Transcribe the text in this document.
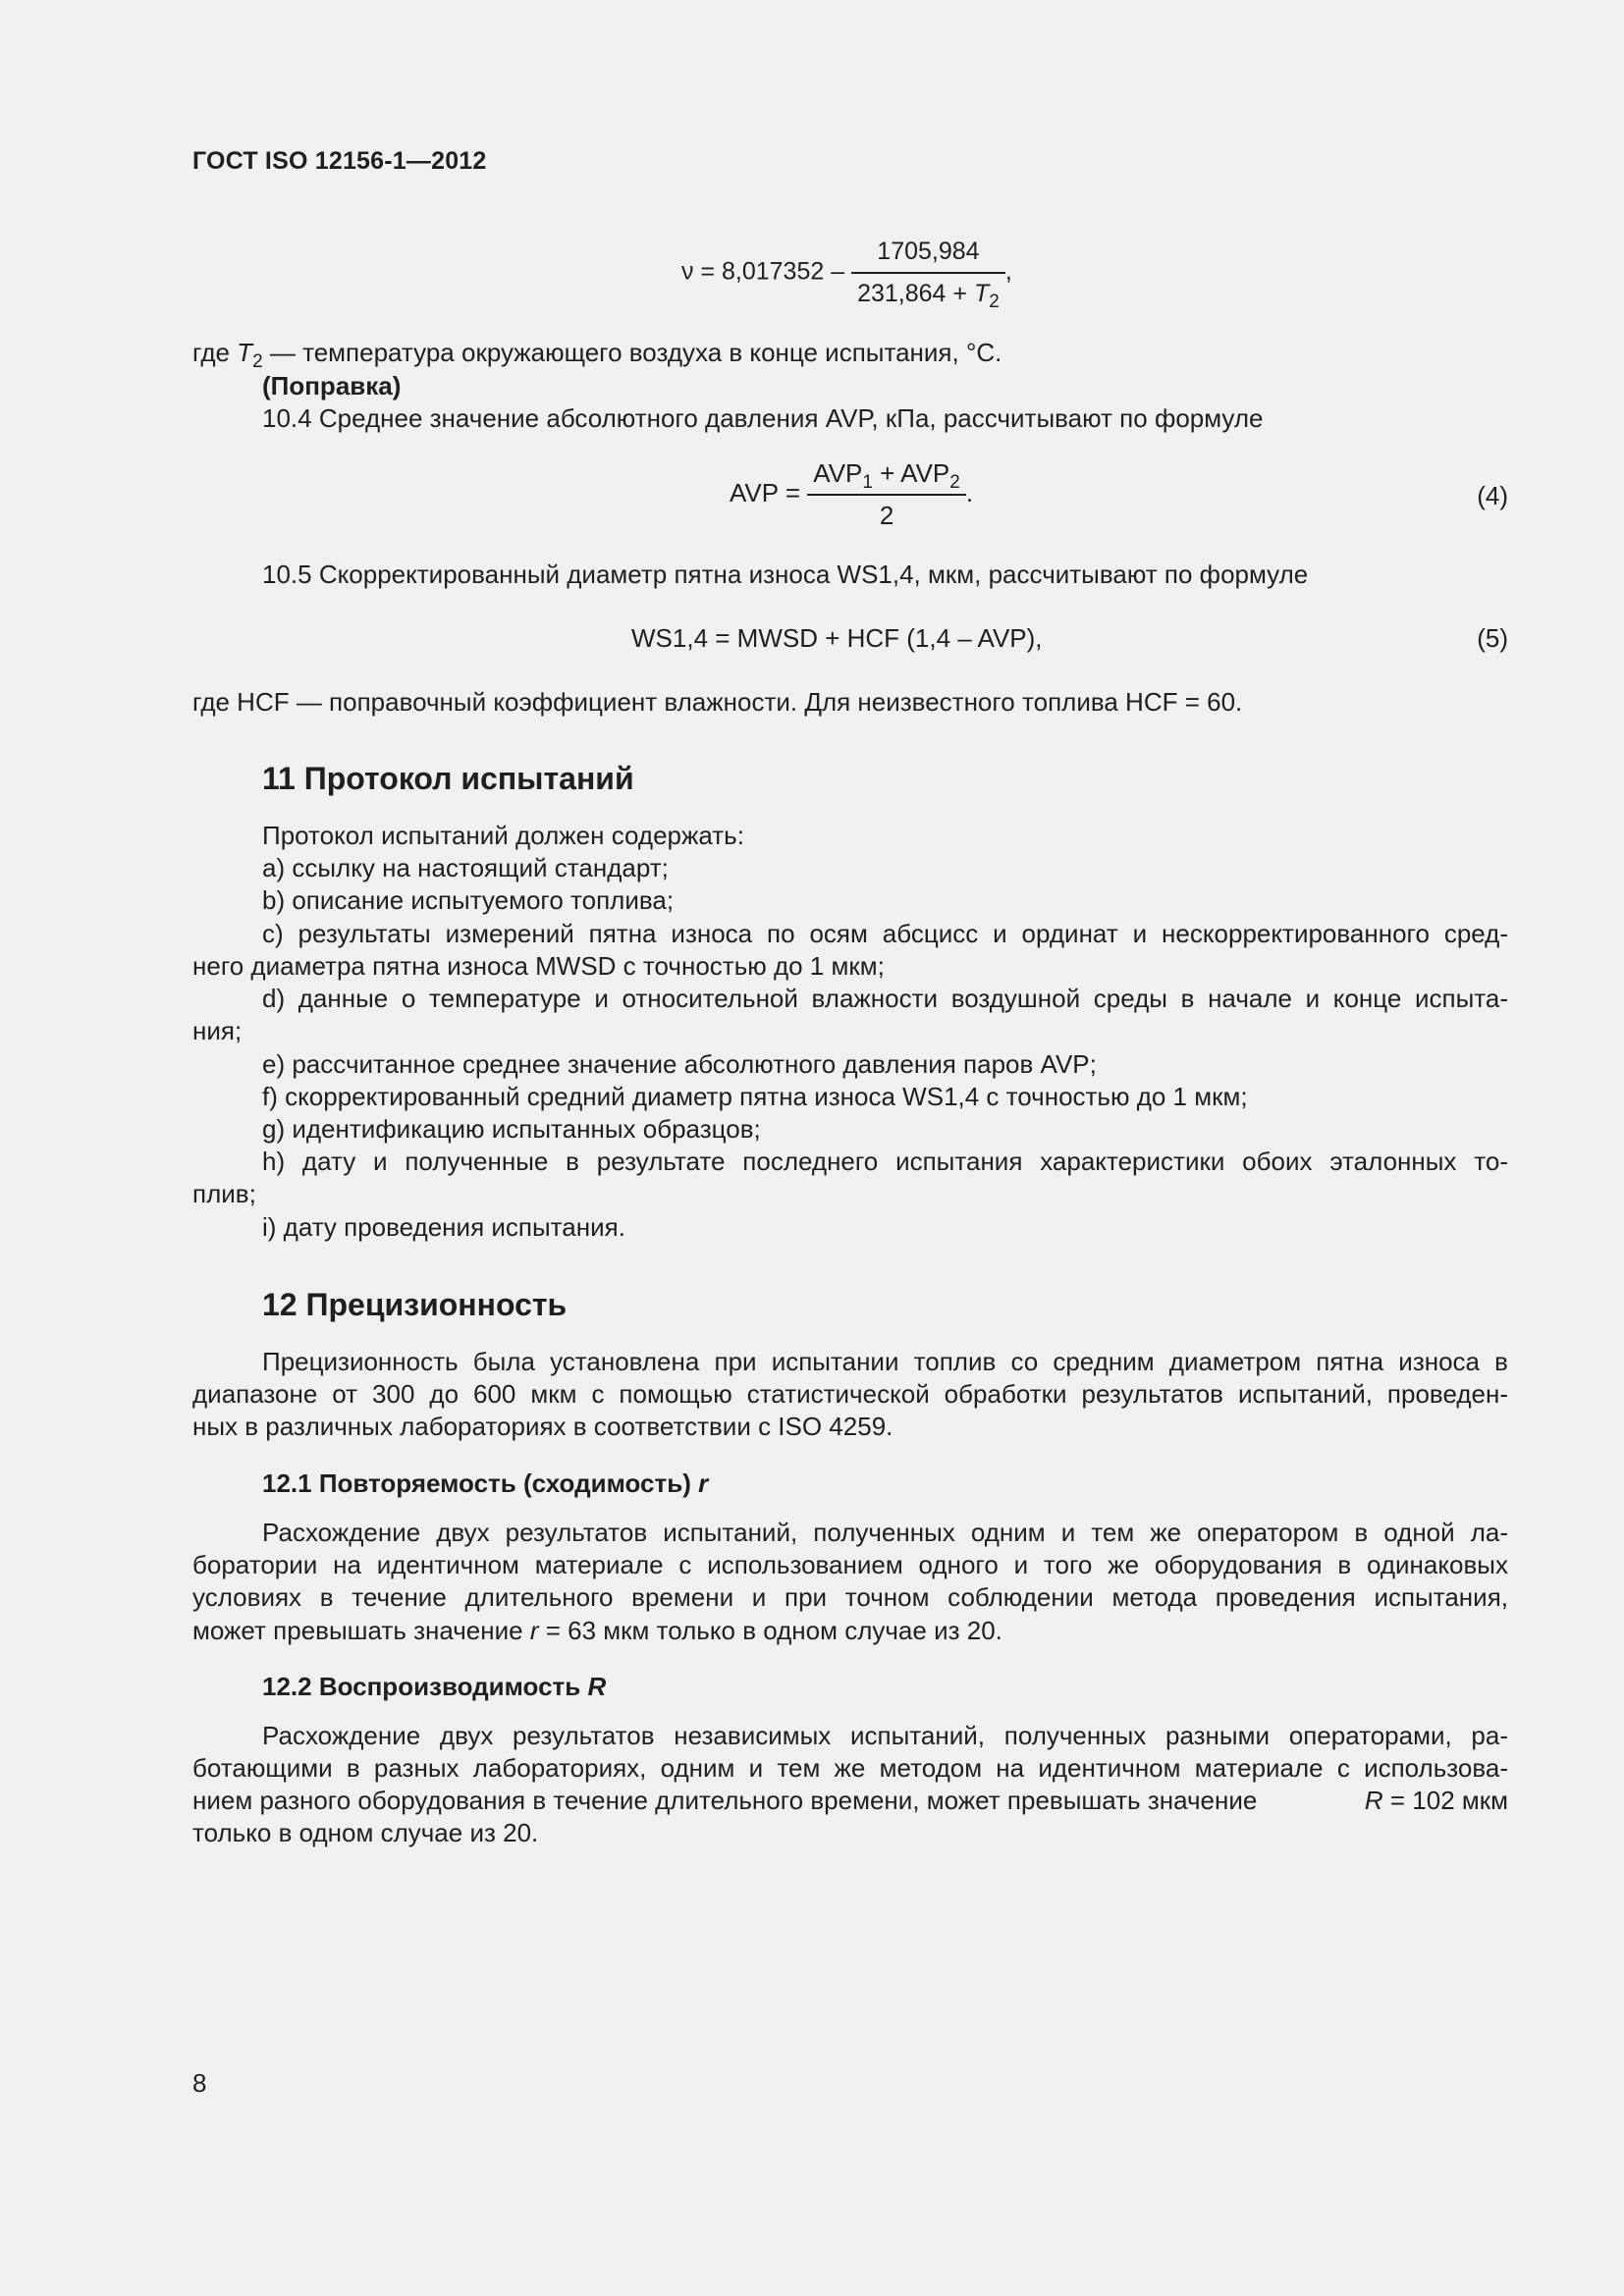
ГОСТ ISO 12156-1—2012
$\nu = 8,017352 - \frac{1705,984}{231,864 + T_2}$ ,
где $T_2$ — температура окружающего воздуха в конце испытания, °С.
(Поправка)
10.4 Среднее значение абсолютного давления AVP, кПа, рассчитывают по формуле
AVP = $\frac{AVP_1 + AVP_2}{2}$ .	(4)
10.5 Скорректированный диаметр пятна износа WS1,4, мкм, рассчитывают по формуле
WS1,4 = MWSD + HCF (1,4 – AVP),	(5)
где HCF — поправочный коэффициент влажности. Для неизвестного топлива HCF = 60.
11 Протокол испытаний
Протокол испытаний должен содержать:
а) ссылку на настоящий стандарт;
b) описание испытуемого топлива;
с) результаты измерений пятна износа по осям абсцисс и ординат и нескорректированного сред-
него диаметра пятна износа MWSD с точностью до 1 мкм;
d) данные о температуре и относительной влажности воздушной среды в начале и конце испыта-
ния;
е) рассчитанное среднее значение абсолютного давления паров AVP;
f) скорректированный средний диаметр пятна износа WS1,4 с точностью до 1 мкм;
g) идентификацию испытанных образцов;
h) дату и полученные в результате последнего испытания характеристики обоих эталонных то-
плив;
i) дату проведения испытания.
12 Прецизионность
Прецизионность была установлена при испытании топлив со средним диаметром пятна износа в
диапазоне от 300 до 600 мкм с помощью статистической обработки результатов испытаний, проведен-
ных в различных лабораториях в соответствии с ISO 4259.
12.1 Повторяемость (сходимость) r
Расхождение двух результатов испытаний, полученных одним и тем же оператором в одной ла-
боратории на идентичном материале с использованием одного и того же оборудования в одинаковых
условиях в течение длительного времени и при точном соблюдении метода проведения испытания,
может превышать значение r = 63 мкм только в одном случае из 20.
12.2 Воспроизводимость R
Расхождение двух результатов независимых испытаний, полученных разными операторами, ра-
ботающими в разных лабораториях, одним и тем же методом на идентичном материале с использова-
нием разного оборудования в течение длительного времени, может превышать значение	R = 102 мкм
только в одном случае из 20.
8
